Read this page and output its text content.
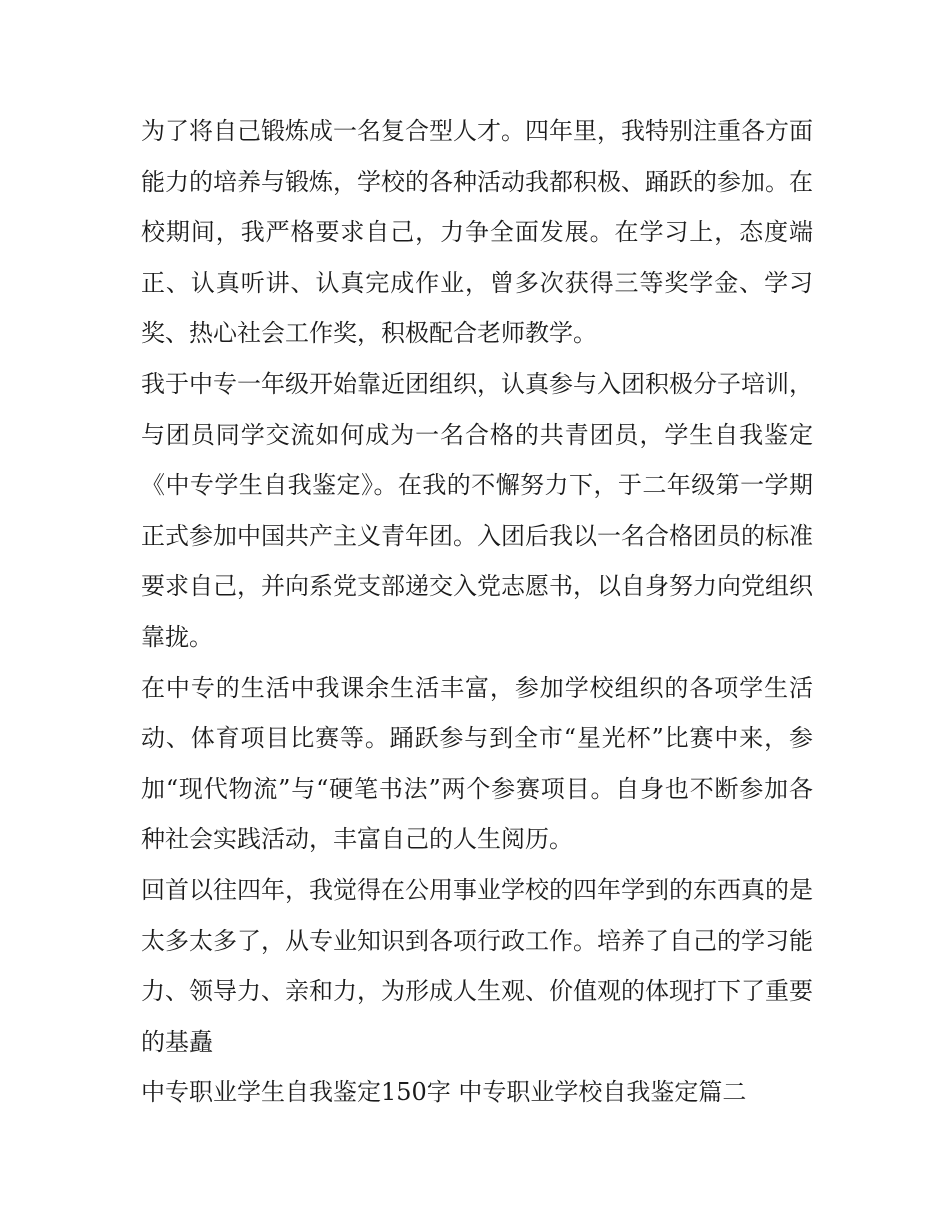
为了将自己锻炼成一名复合型人才。四年里，我特别注重各方面能力的培养与锻炼，学校的各种活动我都积极、踊跃的参加。在校期间，我严格要求自己，力争全面发展。在学习上，态度端正、认真听讲、认真完成作业，曾多次获得三等奖学金、学习奖、热心社会工作奖，积极配合老师教学。

我于中专一年级开始靠近团组织，认真参与入团积极分子培训，与团员同学交流如何成为一名合格的共青团员，学生自我鉴定《中专学生自我鉴定》。在我的不懈努力下，于二年级第一学期正式参加中国共产主义青年团。入团后我以一名合格团员的标准要求自己，并向系党支部递交入党志愿书，以自身努力向党组织靠拢。

在中专的生活中我课余生活丰富，参加学校组织的各项学生活动、体育项目比赛等。踊跃参与到全市“星光杯”比赛中来，参加“现代物流”与“硬笔书法”两个参赛项目。自身也不断参加各种社会实践活动，丰富自己的人生阅历。

回首以往四年，我觉得在公用事业学校的四年学到的东西真的是太多太多了，从专业知识到各项行政工作。培养了自己的学习能力、领导力、亲和力，为形成人生观、价值观的体现打下了重要的基矗

中专职业学生自我鉴定150字 中专职业学校自我鉴定篇二
